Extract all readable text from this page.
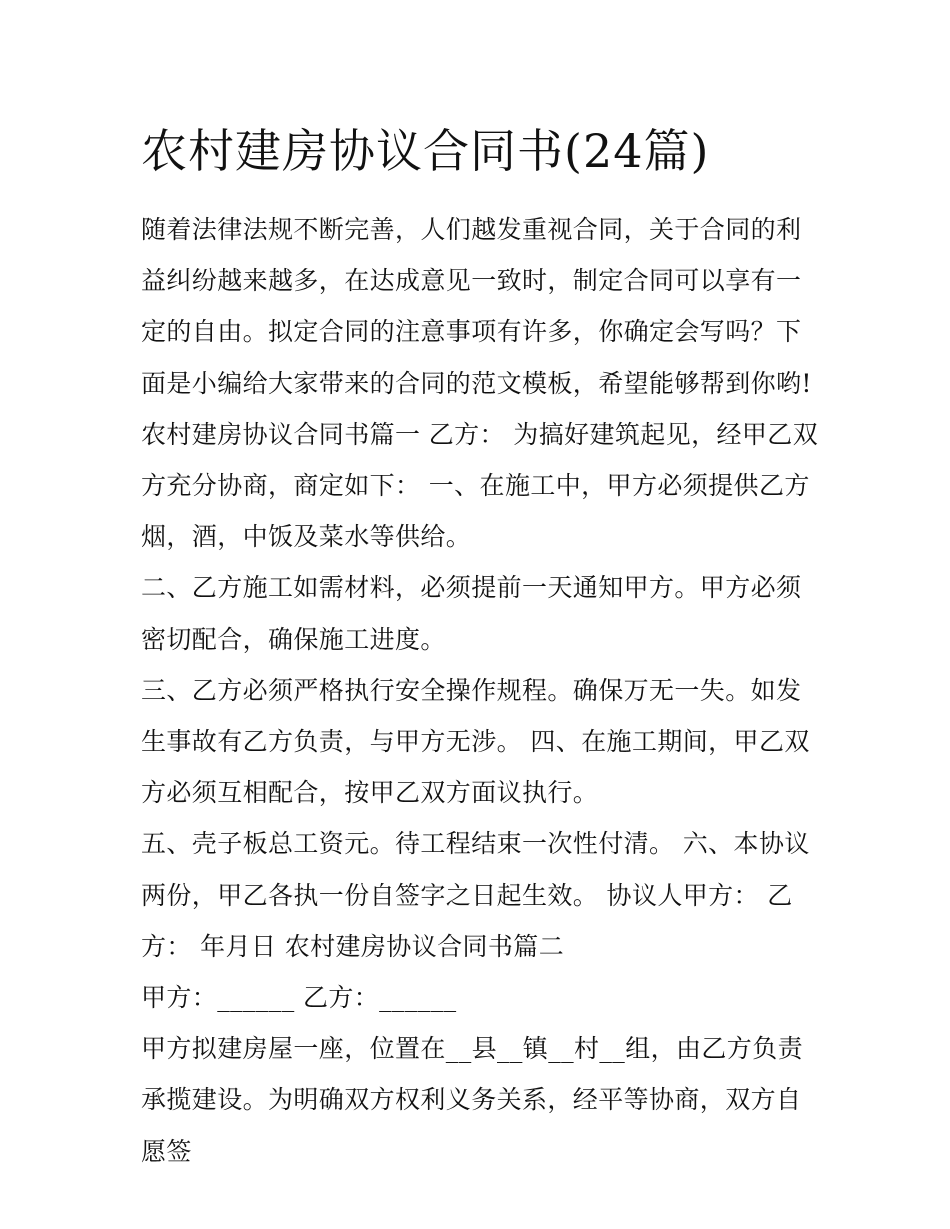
农村建房协议合同书(24篇)

随着法律法规不断完善，人们越发重视合同，关于合同的利益纠纷越来越多，在达成意见一致时，制定合同可以享有一定的自由。拟定合同的注意事项有许多，你确定会写吗？下面是小编给大家带来的合同的范文模板，希望能够帮到你哟!

农村建房协议合同书篇一 乙方： 为搞好建筑起见，经甲乙双方充分协商，商定如下： 一、在施工中，甲方必须提供乙方烟，酒，中饭及菜水等供给。

二、乙方施工如需材料，必须提前一天通知甲方。甲方必须密切配合，确保施工进度。

三、乙方必须严格执行安全操作规程。确保万无一失。如发生事故有乙方负责，与甲方无涉。 四、在施工期间，甲乙双方必须互相配合，按甲乙双方面议执行。

五、壳子板总工资元。待工程结束一次性付清。 六、本协议两份，甲乙各执一份自签字之日起生效。 协议人甲方： 乙方： 年月日 农村建房协议合同书篇二

甲方：______ 乙方：______

甲方拟建房屋一座，位置在__县__镇__村__组，由乙方负责承揽建设。为明确双方权利义务关系，经平等协商，双方自愿签
